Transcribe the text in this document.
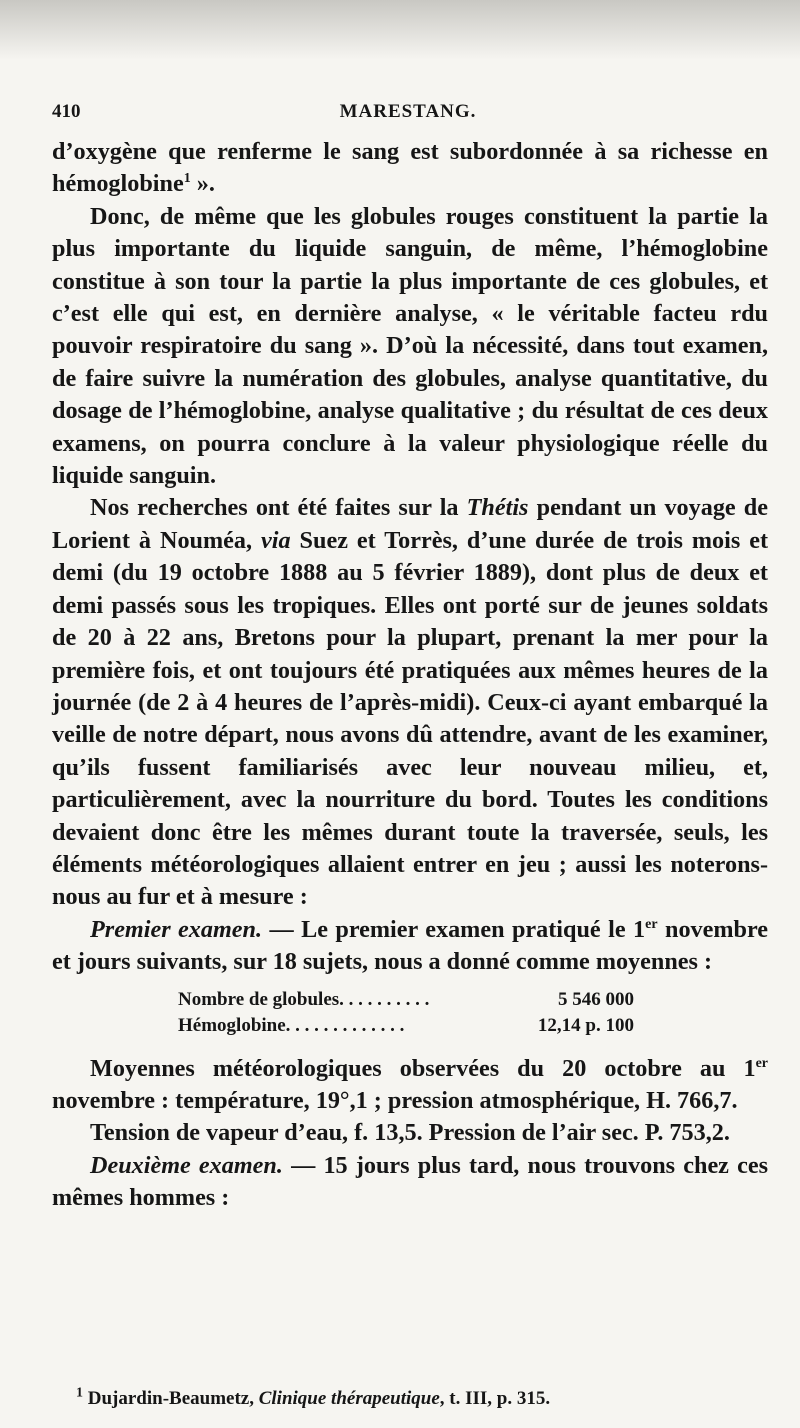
410	MARESTANG.

d’oxygène que renferme le sang est subordonnée à sa richesse en hémoglobine$^1$ ».

Donc, de même que les globules rouges constituent la partie la plus importante du liquide sanguin, de même, l’hémoglobine constitue à son tour la partie la plus importante de ces globules, et c’est elle qui est, en dernière analyse, « le véritable facteu rdu pouvoir respiratoire du sang ». D’où la nécessité, dans tout examen, de faire suivre la numération des globules, analyse quantitative, du dosage de l’hémoglobine, analyse qualitative ; du résultat de ces deux examens, on pourra conclure à la valeur physiologique réelle du liquide sanguin.

Nos recherches ont été faites sur la Thétis pendant un voyage de Lorient à Nouméa, via Suez et Torrès, d’une durée de trois mois et demi (du 19 octobre 1888 au 5 février 1889), dont plus de deux et demi passés sous les tropiques. Elles ont porté sur de jeunes soldats de 20 à 22 ans, Bretons pour la plupart, prenant la mer pour la première fois, et ont toujours été pratiquées aux mêmes heures de la journée (de 2 à 4 heures de l’après-midi). Ceux-ci ayant embarqué la veille de notre départ, nous avons dû attendre, avant de les examiner, qu’ils fussent familiarisés avec leur nouveau milieu, et, particulièrement, avec la nourriture du bord. Toutes les conditions devaient donc être les mêmes durant toute la traversée, seuls, les éléments météorologiques allaient entrer en jeu ; aussi les noterons-nous au fur et à mesure :

Premier examen. — Le premier examen pratiqué le 1er novembre et jours suivants, sur 18 sujets, nous a donné comme moyennes :

Nombre de globules. . . . . . . . . .	5 546 000
Hémoglobine. . . . . . . . . . . . .	12,14 p. 100

Moyennes météorologiques observées du 20 octobre au 1er novembre : température, 19°,1 ; pression atmosphérique, H. 766,7.

Tension de vapeur d’eau, f. 13,5. Pression de l’air sec. P. 753,2.

Deuxième examen. — 15 jours plus tard, nous trouvons chez ces mêmes hommes :

$^1$ Dujardin-Beaumetz, Clinique thérapeutique, t. III, p. 315.
